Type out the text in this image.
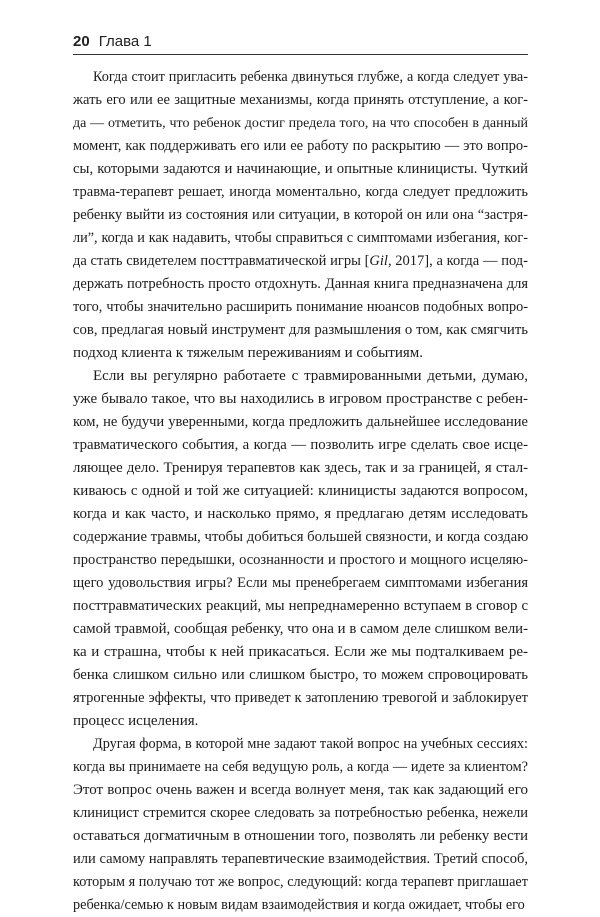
20 Глава 1

Когда стоит пригласить ребенка двинуться глубже, а когда следует ува-
жать его или ее защитные механизмы, когда принять отступление, а ког-
да — отметить, что ребенок достиг предела того, на что способен в данный
момент, как поддерживать его или ее работу по раскрытию — это вопро-
сы, которыми задаются и начинающие, и опытные клиницисты. Чуткий
травма-терапевт решает, иногда моментально, когда следует предложить
ребенку выйти из состояния или ситуации, в которой он или она “застря-
ли”, когда и как надавить, чтобы справиться с симптомами избегания, ког-
да стать свидетелем посттравматической игры [Gil, 2017], а когда — под-
держать потребность просто отдохнуть. Данная книга предназначена для
того, чтобы значительно расширить понимание нюансов подобных вопро-
сов, предлагая новый инструмент для размышления о том, как смягчить
подход клиента к тяжелым переживаниям и событиям.

Если вы регулярно работаете с травмированными детьми, думаю,
уже бывало такое, что вы находились в игровом пространстве с ребен-
ком, не будучи уверенными, когда предложить дальнейшее исследование
травматического события, а когда — позволить игре сделать свое исце-
ляющее дело. Тренируя терапевтов как здесь, так и за границей, я стал-
киваюсь с одной и той же ситуацией: клиницисты задаются вопросом,
когда и как часто, и насколько прямо, я предлагаю детям исследовать
содержание травмы, чтобы добиться большей связности, и когда создаю
пространство передышки, осознанности и простого и мощного исцеляю-
щего удовольствия игры? Если мы пренебрегаем симптомами избегания
посттравматических реакций, мы непреднамеренно вступаем в сговор с
самой травмой, сообщая ребенку, что она и в самом деле слишком вели-
ка и страшна, чтобы к ней прикасаться. Если же мы подталкиваем ре-
бенка слишком сильно или слишком быстро, то можем спровоцировать
ятрогенные эффекты, что приведет к затоплению тревогой и заблокирует
процесс исцеления.

Другая форма, в которой мне задают такой вопрос на учебных сессиях:
когда вы принимаете на себя ведущую роль, а когда — идете за клиентом?
Этот вопрос очень важен и всегда волнует меня, так как задающий его
клиницист стремится скорее следовать за потребностью ребенка, нежели
оставаться догматичным в отношении того, позволять ли ребенку вести
или самому направлять терапевтические взаимодействия. Третий способ,
которым я получаю тот же вопрос, следующий: когда терапевт приглашает
ребенка/семью к новым видам взаимодействия и когда ожидает, чтобы его
